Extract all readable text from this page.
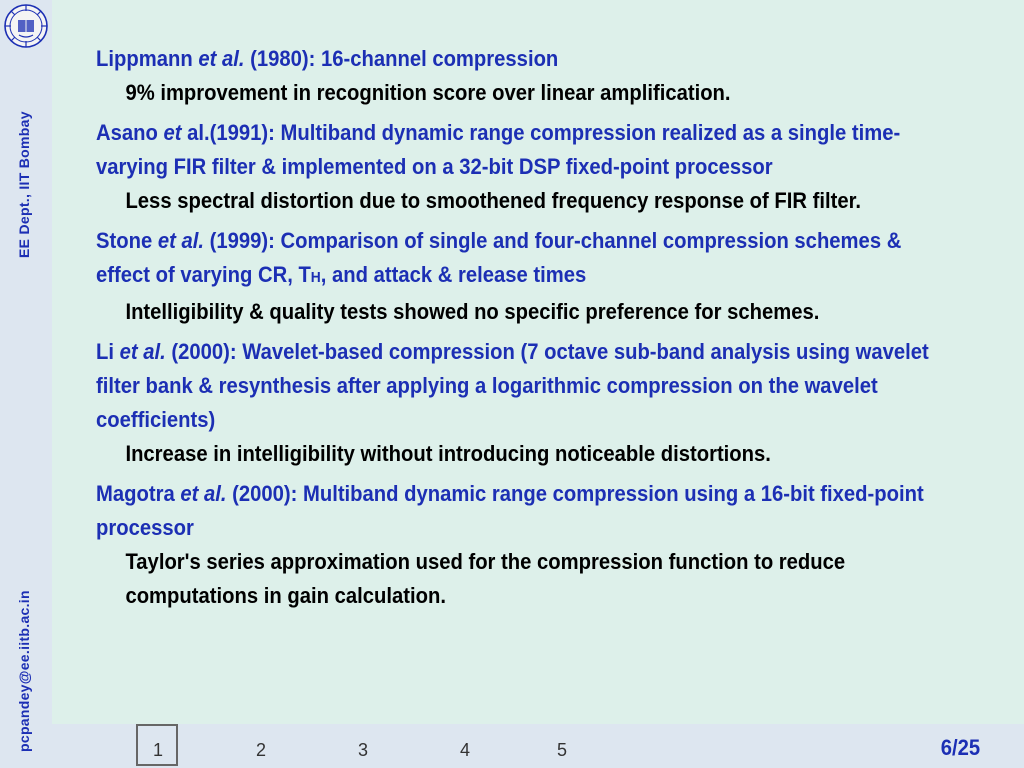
EE Dept., IIT Bombay
pcpandey@ee.iitb.ac.in
Lippmann et al. (1980): 16-channel compression
9% improvement in recognition score over linear amplification.
Asano et al.(1991): Multiband dynamic range compression realized as a single time-varying FIR filter & implemented on a 32-bit DSP fixed-point processor
Less spectral distortion due to smoothened frequency response of FIR filter.
Stone et al. (1999): Comparison of single and four-channel compression schemes & effect of varying CR, TH, and attack & release times
Intelligibility & quality tests showed no specific preference for schemes.
Li et al. (2000): Wavelet-based compression (7 octave sub-band analysis using wavelet filter bank & resynthesis after applying a logarithmic compression on the wavelet coefficients)
Increase in intelligibility without introducing noticeable distortions.
Magotra et al. (2000): Multiband dynamic range compression using a 16-bit fixed-point processor
Taylor's series approximation used for the compression function to reduce computations in gain calculation.
1	2	3	4	5	6/25
